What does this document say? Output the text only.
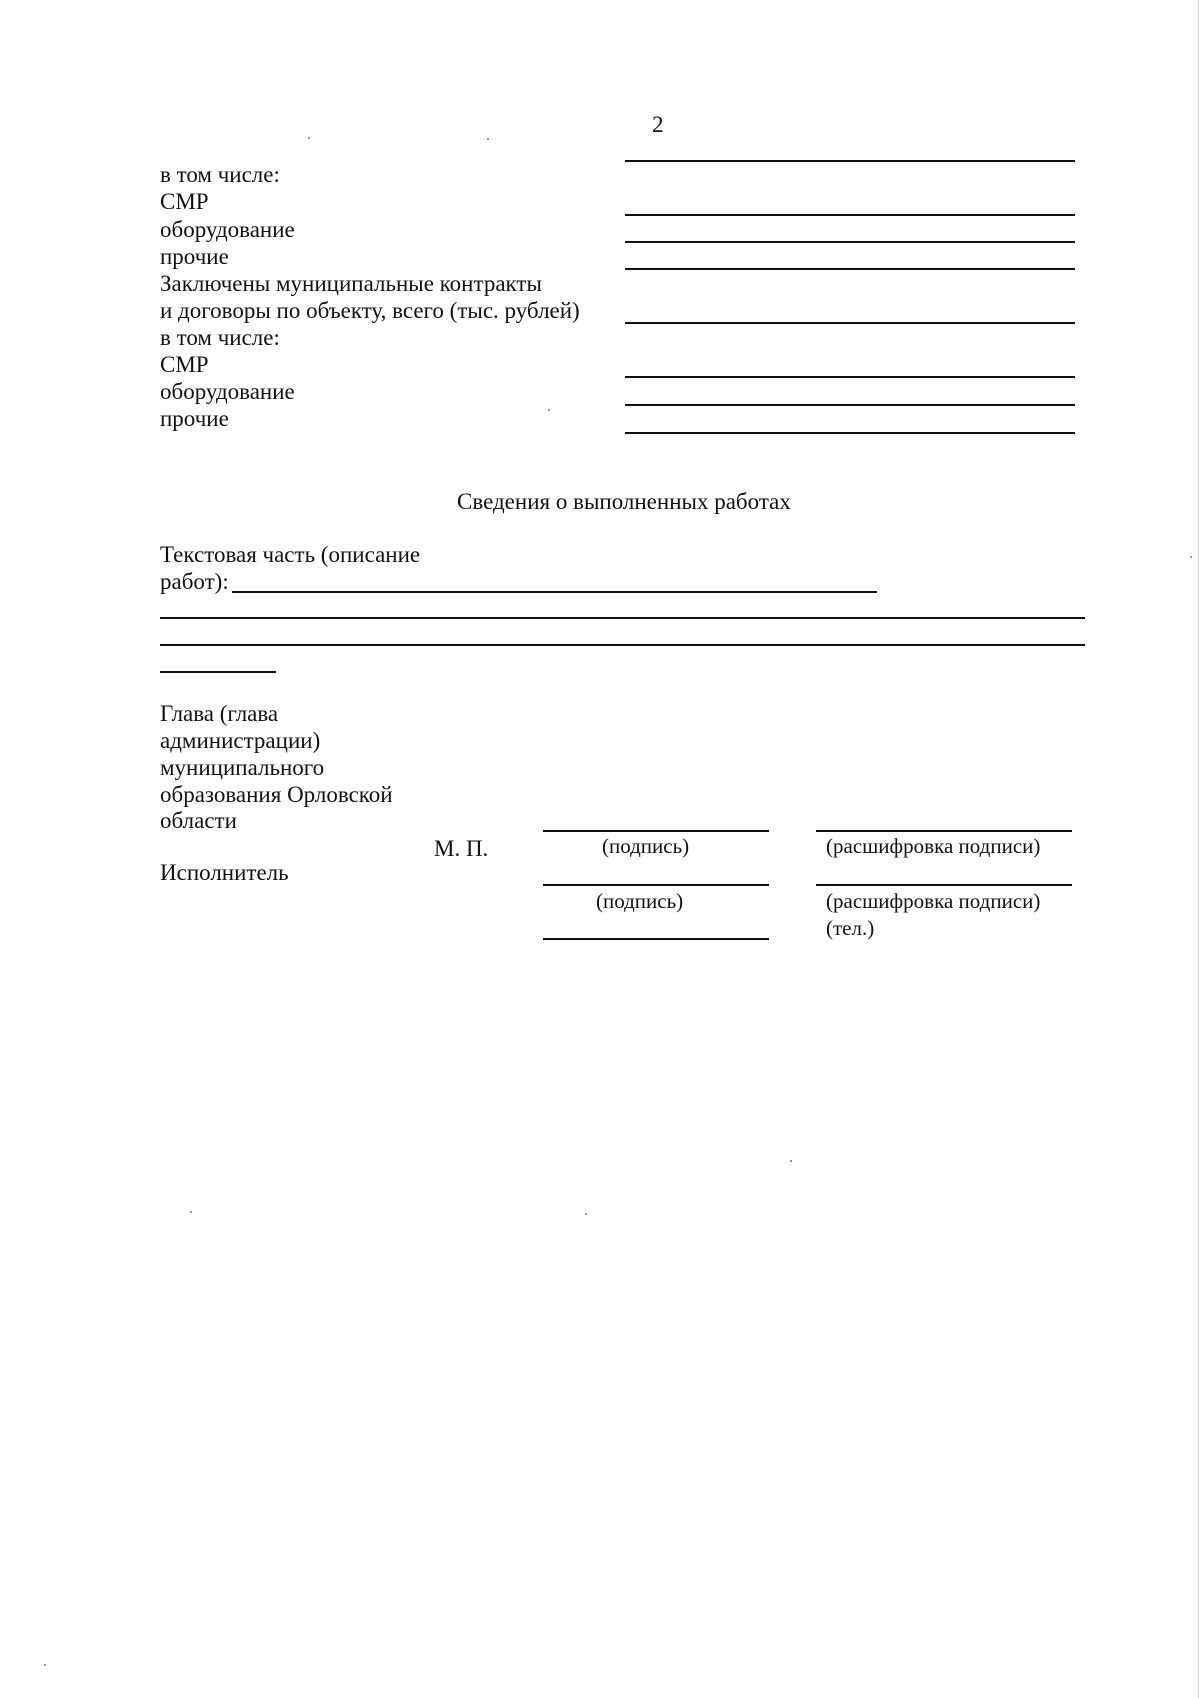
2
в том числе:
СМР
оборудование
прочие
Заключены муниципальные контракты
и договоры по объекту, всего (тыс. рублей)
в том числе:
СМР
оборудование
прочие
Сведения о выполненных работах
Текстовая часть (описание
работ):
Глава (глава
администрации)
муниципального
образования Орловской
области
М. П.	(подпись)	(расшифровка подписи)
Исполнитель
(подпись)	(расшифровка подписи)
(тел.)
